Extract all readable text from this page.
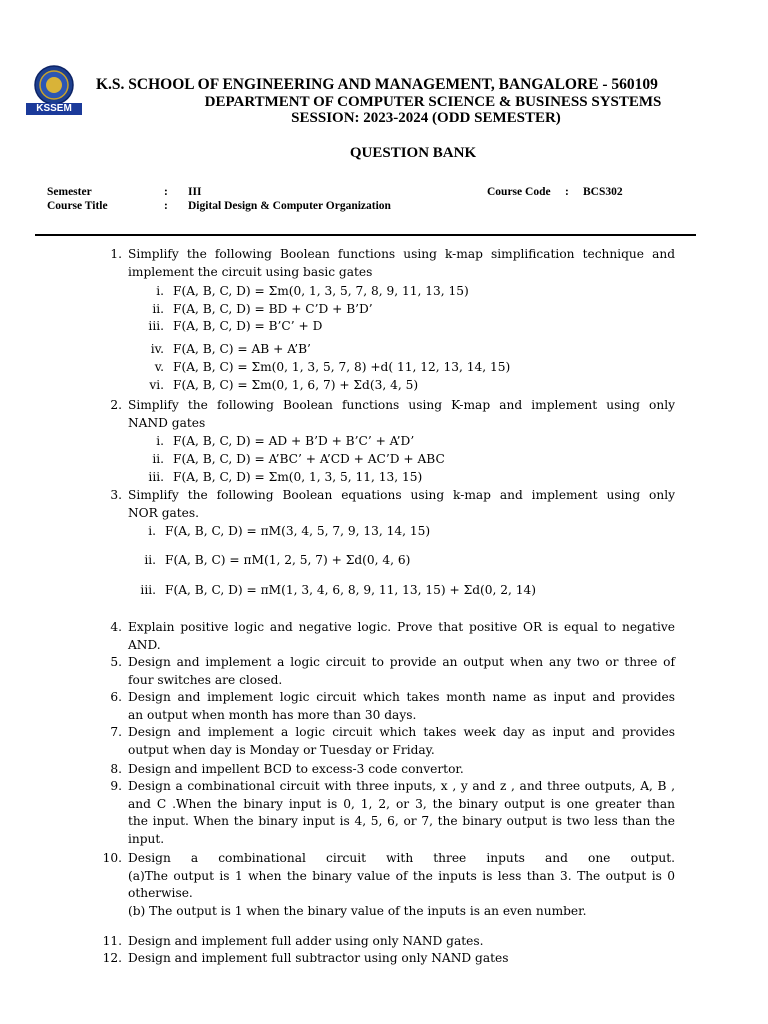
KSSEM
K.S. SCHOOL OF ENGINEERING AND MANAGEMENT, BANGALORE - 560109
DEPARTMENT OF COMPUTER SCIENCE & BUSINESS SYSTEMS
SESSION: 2023-2024 (ODD SEMESTER)
QUESTION BANK
Semester	: III	Course Code : BCS302
Course Title	: Digital Design & Computer Organization
1. Simplify the following Boolean functions using k-map simplification technique and
implement the circuit using basic gates
i. F(A, B, C, D) = Σm(0, 1, 3, 5, 7, 8, 9, 11, 13, 15)
ii. F(A, B, C, D) = BD + C’D + B’D’
iii. F(A, B, C, D) = B’C’ + D
iv. F(A, B, C) = AB + A’B’
v. F(A, B, C) = Σm(0, 1, 3, 5, 7, 8) +d( 11, 12, 13, 14, 15)
vi. F(A, B, C) = Σm(0, 1, 6, 7) + Σd(3, 4, 5)
2. Simplify the following Boolean functions using K-map and implement using only
NAND gates
i. F(A, B, C, D) = AD + B’D + B’C’ + A’D’
ii. F(A, B, C, D) = A’BC’ + A’CD + AC’D + ABC
iii. F(A, B, C, D) = Σm(0, 1, 3, 5, 11, 13, 15)
3. Simplify the following Boolean equations using k-map and implement using only
NOR gates.
i. F(A, B, C, D) = πM(3, 4, 5, 7, 9, 13, 14, 15)
ii. F(A, B, C) = πM(1, 2, 5, 7) + Σd(0, 4, 6)
iii. F(A, B, C, D) = πM(1, 3, 4, 6, 8, 9, 11, 13, 15) + Σd(0, 2, 14)
4. Explain positive logic and negative logic. Prove that positive OR is equal to negative
AND.
5. Design and implement a logic circuit to provide an output when any two or three of
four switches are closed.
6. Design and implement logic circuit which takes month name as input and provides
an output when month has more than 30 days.
7. Design and implement a logic circuit which takes week day as input and provides
output when day is Monday or Tuesday or Friday.
8. Design and impellent BCD to excess-3 code convertor.
9. Design a combinational circuit with three inputs, x , y and z , and three outputs, A, B ,
and C .When the binary input is 0, 1, 2, or 3, the binary output is one greater than
the input. When the binary input is 4, 5, 6, or 7, the binary output is two less than the
input.
10. Design a combinational circuit with three inputs and one output.
(a)The output is 1 when the binary value of the inputs is less than 3. The output is 0
otherwise.
(b) The output is 1 when the binary value of the inputs is an even number.
11. Design and implement full adder using only NAND gates.
12. Design and implement full subtractor using only NAND gates
